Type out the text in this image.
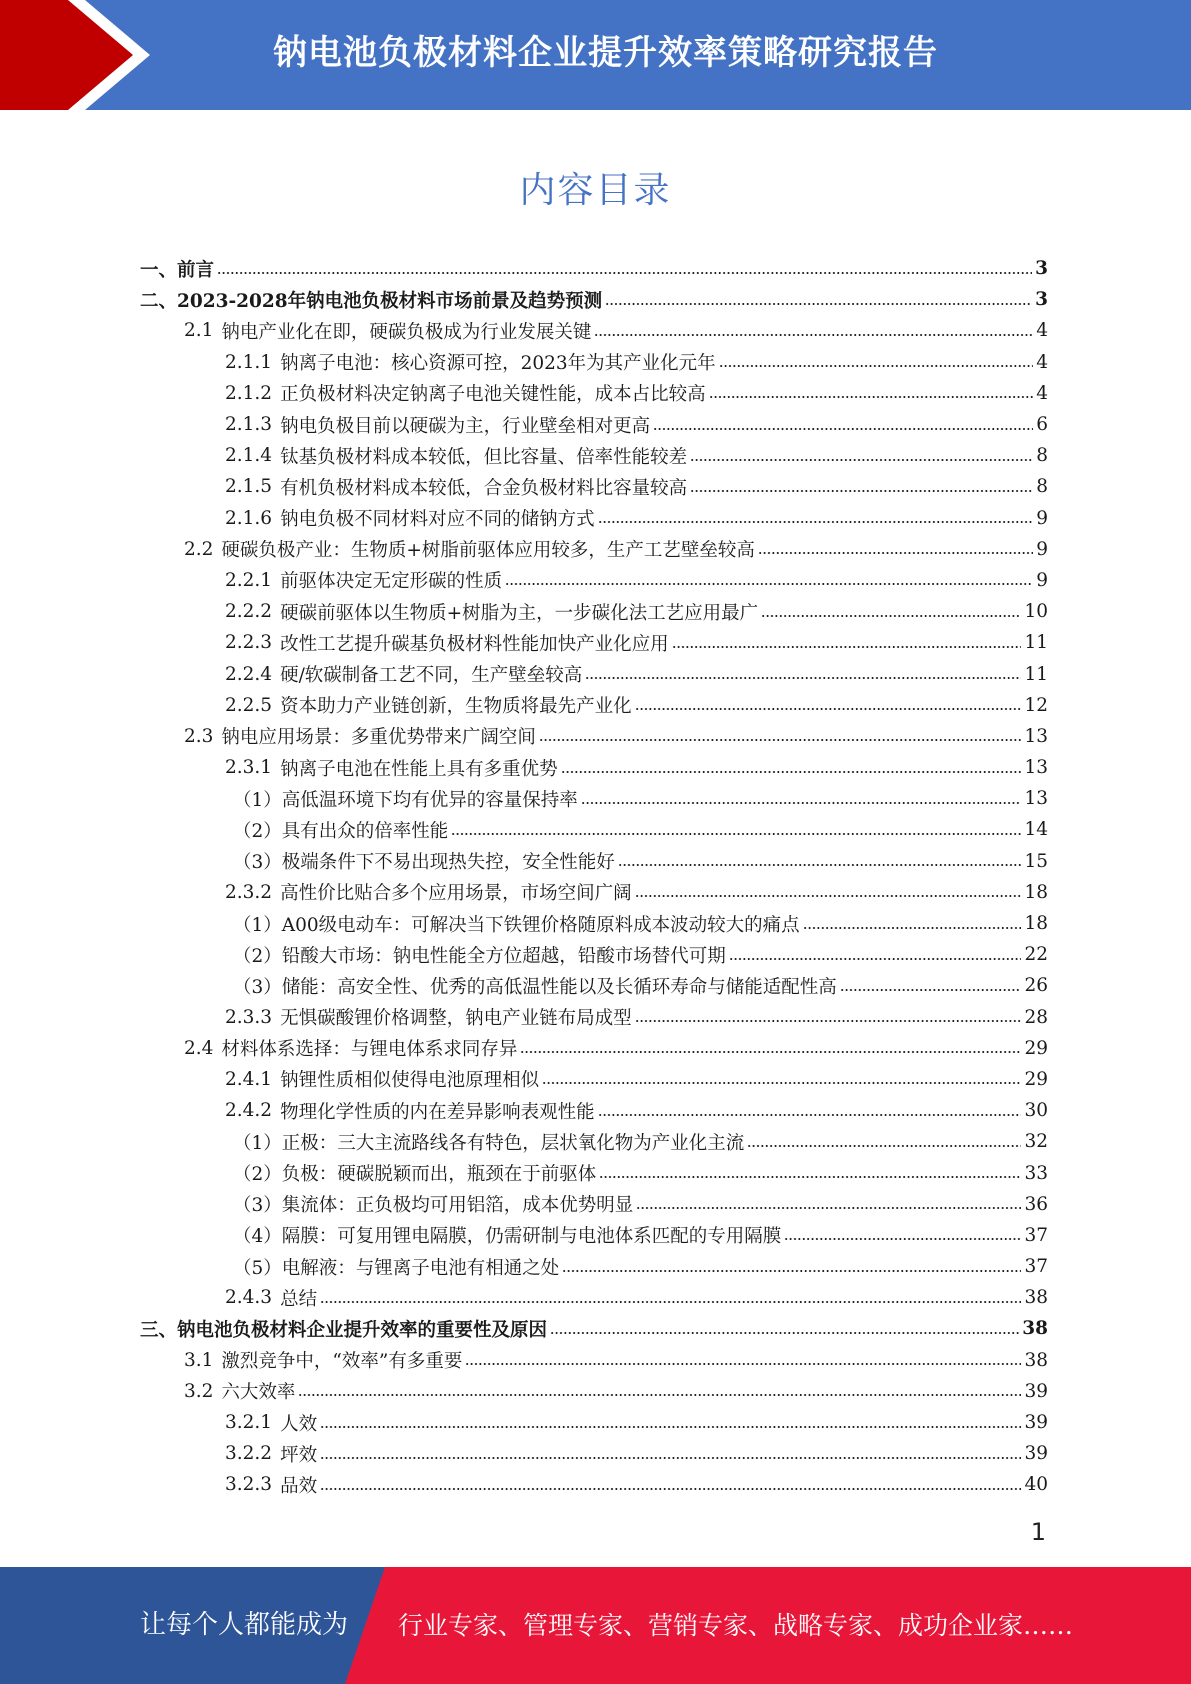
钠电池负极材料企业提升效率策略研究报告
内容目录
一、前言	3
二、2023-2028年钠电池负极材料市场前景及趋势预测	3
2.1 钠电产业化在即，硬碳负极成为行业发展关键	4
2.1.1 钠离子电池：核心资源可控，2023年为其产业化元年	4
2.1.2 正负极材料决定钠离子电池关键性能，成本占比较高	4
2.1.3 钠电负极目前以硬碳为主，行业壁垒相对更高	6
2.1.4 钛基负极材料成本较低，但比容量、倍率性能较差	8
2.1.5 有机负极材料成本较低，合金负极材料比容量较高	8
2.1.6 钠电负极不同材料对应不同的储钠方式	9
2.2 硬碳负极产业：生物质+树脂前驱体应用较多，生产工艺壁垒较高	9
2.2.1 前驱体决定无定形碳的性质	9
2.2.2 硬碳前驱体以生物质+树脂为主，一步碳化法工艺应用最广	10
2.2.3 改性工艺提升碳基负极材料性能加快产业化应用	11
2.2.4 硬/软碳制备工艺不同，生产壁垒较高	11
2.2.5 资本助力产业链创新，生物质将最先产业化	12
2.3 钠电应用场景：多重优势带来广阔空间	13
2.3.1 钠离子电池在性能上具有多重优势	13
（1）高低温环境下均有优异的容量保持率	13
（2）具有出众的倍率性能	14
（3）极端条件下不易出现热失控，安全性能好	15
2.3.2 高性价比贴合多个应用场景，市场空间广阔	18
（1）A00级电动车：可解决当下铁锂价格随原料成本波动较大的痛点	18
（2）铅酸大市场：钠电性能全方位超越，铅酸市场替代可期	22
（3）储能：高安全性、优秀的高低温性能以及长循环寿命与储能适配性高	26
2.3.3 无惧碳酸锂价格调整，钠电产业链布局成型	28
2.4 材料体系选择：与锂电体系求同存异	29
2.4.1 钠锂性质相似使得电池原理相似	29
2.4.2 物理化学性质的内在差异影响表观性能	30
（1）正极：三大主流路线各有特色，层状氧化物为产业化主流	32
（2）负极：硬碳脱颖而出，瓶颈在于前驱体	33
（3）集流体：正负极均可用铝箔，成本优势明显	36
（4）隔膜：可复用锂电隔膜，仍需研制与电池体系匹配的专用隔膜	37
（5）电解液：与锂离子电池有相通之处	37
2.4.3 总结	38
三、钠电池负极材料企业提升效率的重要性及原因	38
3.1 激烈竞争中，“效率”有多重要	38
3.2 六大效率	39
3.2.1 人效	39
3.2.2 坪效	39
3.2.3 品效	40
1
让每个人都能成为 行业专家、管理专家、营销专家、战略专家、成功企业家……
